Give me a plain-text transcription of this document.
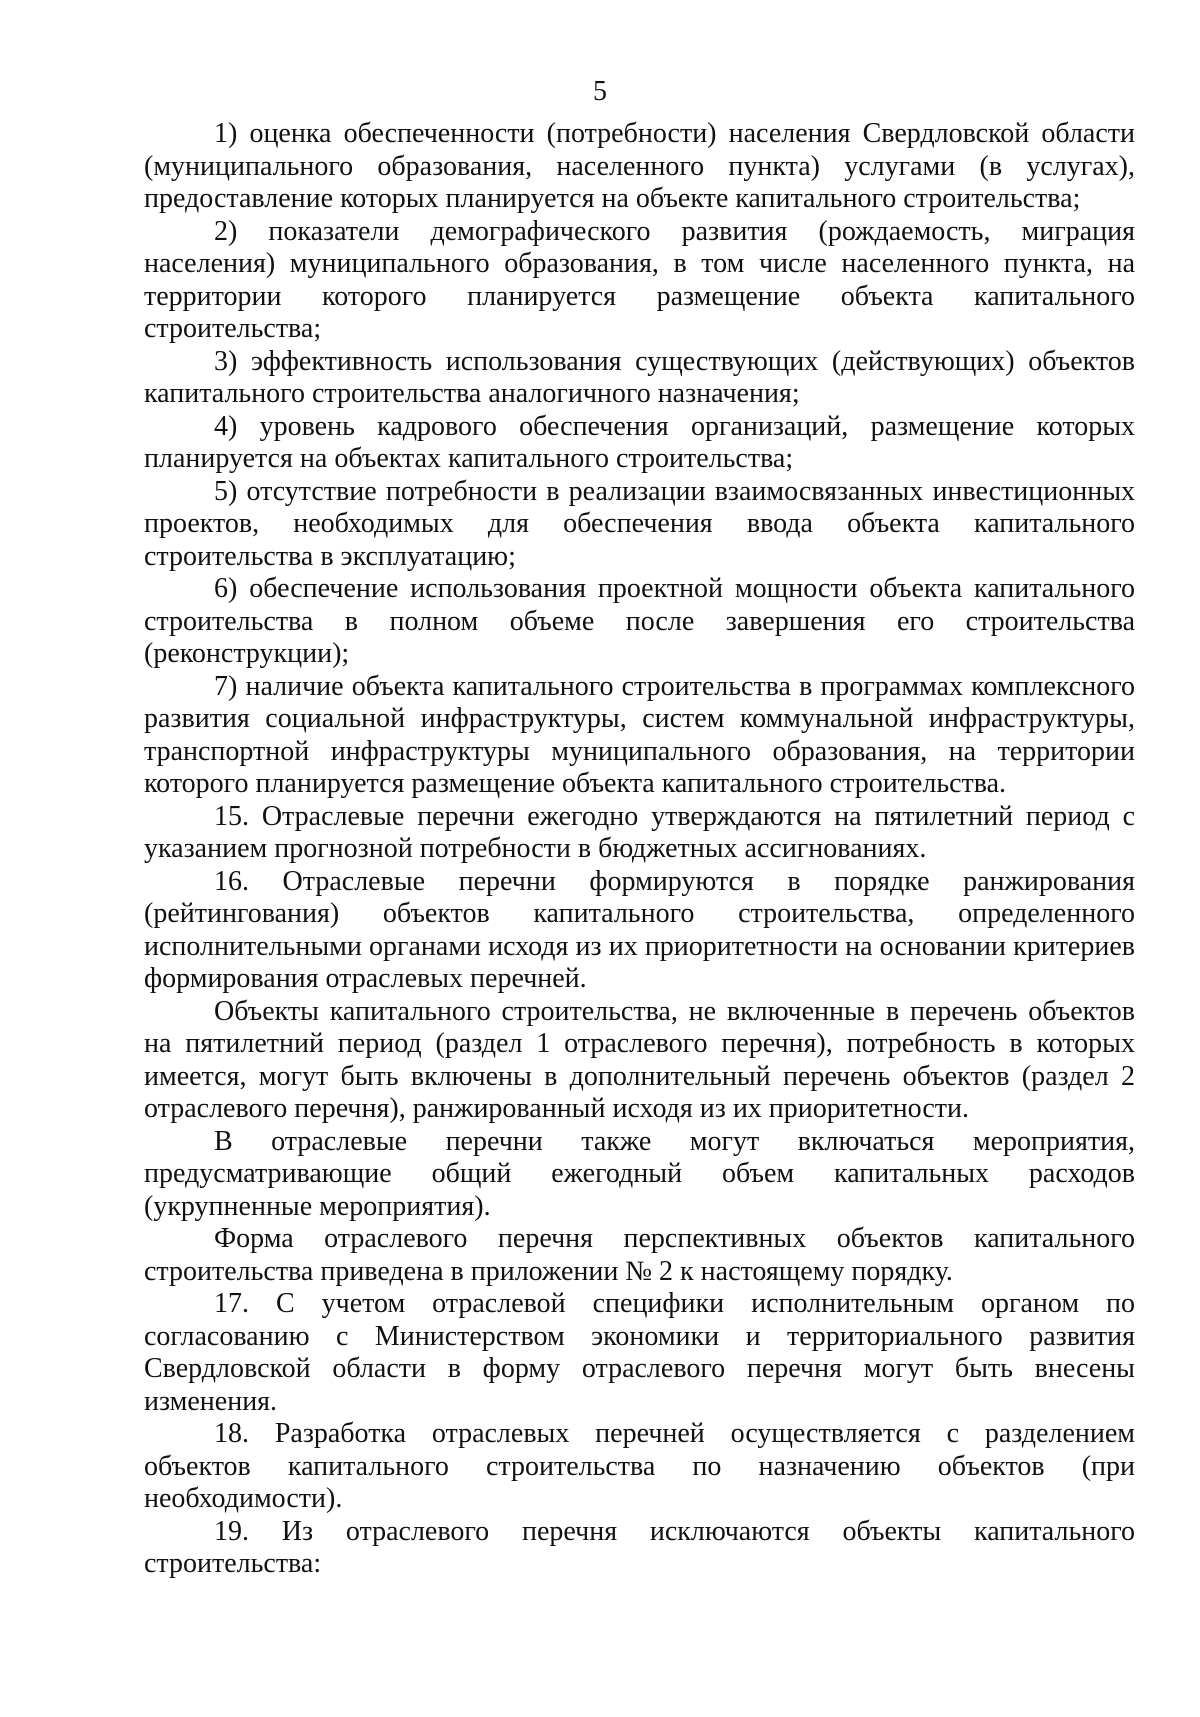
5

1) оценка обеспеченности (потребности) населения Свердловской области (муниципального образования, населенного пункта) услугами (в услугах), предоставление которых планируется на объекте капитального строительства;

2) показатели демографического развития (рождаемость, миграция населения) муниципального образования, в том числе населенного пункта, на территории которого планируется размещение объекта капитального строительства;

3) эффективность использования существующих (действующих) объектов капитального строительства аналогичного назначения;

4) уровень кадрового обеспечения организаций, размещение которых планируется на объектах капитального строительства;

5) отсутствие потребности в реализации взаимосвязанных инвестиционных проектов, необходимых для обеспечения ввода объекта капитального строительства в эксплуатацию;

6) обеспечение использования проектной мощности объекта капитального строительства в полном объеме после завершения его строительства (реконструкции);

7) наличие объекта капитального строительства в программах комплексного развития социальной инфраструктуры, систем коммунальной инфраструктуры, транспортной инфраструктуры муниципального образования, на территории которого планируется размещение объекта капитального строительства.

15. Отраслевые перечни ежегодно утверждаются на пятилетний период с указанием прогнозной потребности в бюджетных ассигнованиях.

16. Отраслевые перечни формируются в порядке ранжирования (рейтингования) объектов капитального строительства, определенного исполнительными органами исходя из их приоритетности на основании критериев формирования отраслевых перечней.

Объекты капитального строительства, не включенные в перечень объектов на пятилетний период (раздел 1 отраслевого перечня), потребность в которых имеется, могут быть включены в дополнительный перечень объектов (раздел 2 отраслевого перечня), ранжированный исходя из их приоритетности.

В отраслевые перечни также могут включаться мероприятия, предусматривающие общий ежегодный объем капитальных расходов (укрупненные мероприятия).

Форма отраслевого перечня перспективных объектов капитального строительства приведена в приложении № 2 к настоящему порядку.

17. С учетом отраслевой специфики исполнительным органом по согласованию с Министерством экономики и территориального развития Свердловской области в форму отраслевого перечня могут быть внесены изменения.

18. Разработка отраслевых перечней осуществляется с разделением объектов капитального строительства по назначению объектов (при необходимости).

19. Из отраслевого перечня исключаются объекты капитального строительства:
